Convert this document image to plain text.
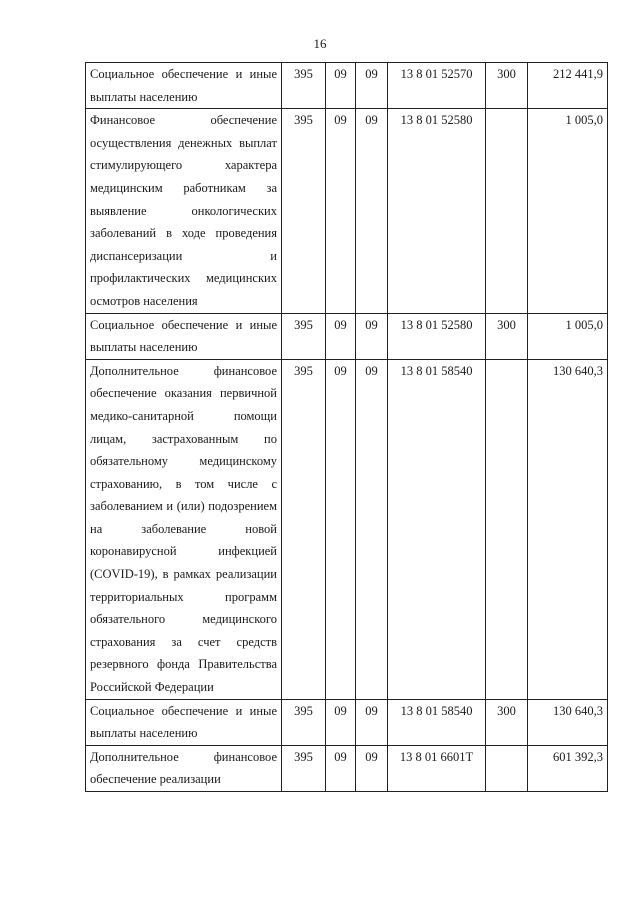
16
Социальное обеспечение и иные выплаты населению	395	09	09	13 8 01 52570	300	212 441,9
Финансовое обеспечение осуществления денежных выплат стимулирующего характера медицинским работникам за выявление онкологических заболеваний в ходе проведения диспансеризации и профилактических медицинских осмотров населения	395	09	09	13 8 01 52580		1 005,0
Социальное обеспечение и иные выплаты населению	395	09	09	13 8 01 52580	300	1 005,0
Дополнительное финансовое обеспечение оказания первичной медико-санитарной помощи лицам, застрахованным по обязательному медицинскому страхованию, в том числе с заболеванием и (или) подозрением на заболевание новой коронавирусной инфекцией (COVID-19), в рамках реализации территориальных программ обязательного медицинского страхования за счет средств резервного фонда Правительства Российской Федерации	395	09	09	13 8 01 58540		130 640,3
Социальное обеспечение и иные выплаты населению	395	09	09	13 8 01 58540	300	130 640,3
Дополнительное финансовое обеспечение реализации	395	09	09	13 8 01 6601Т		601 392,3
